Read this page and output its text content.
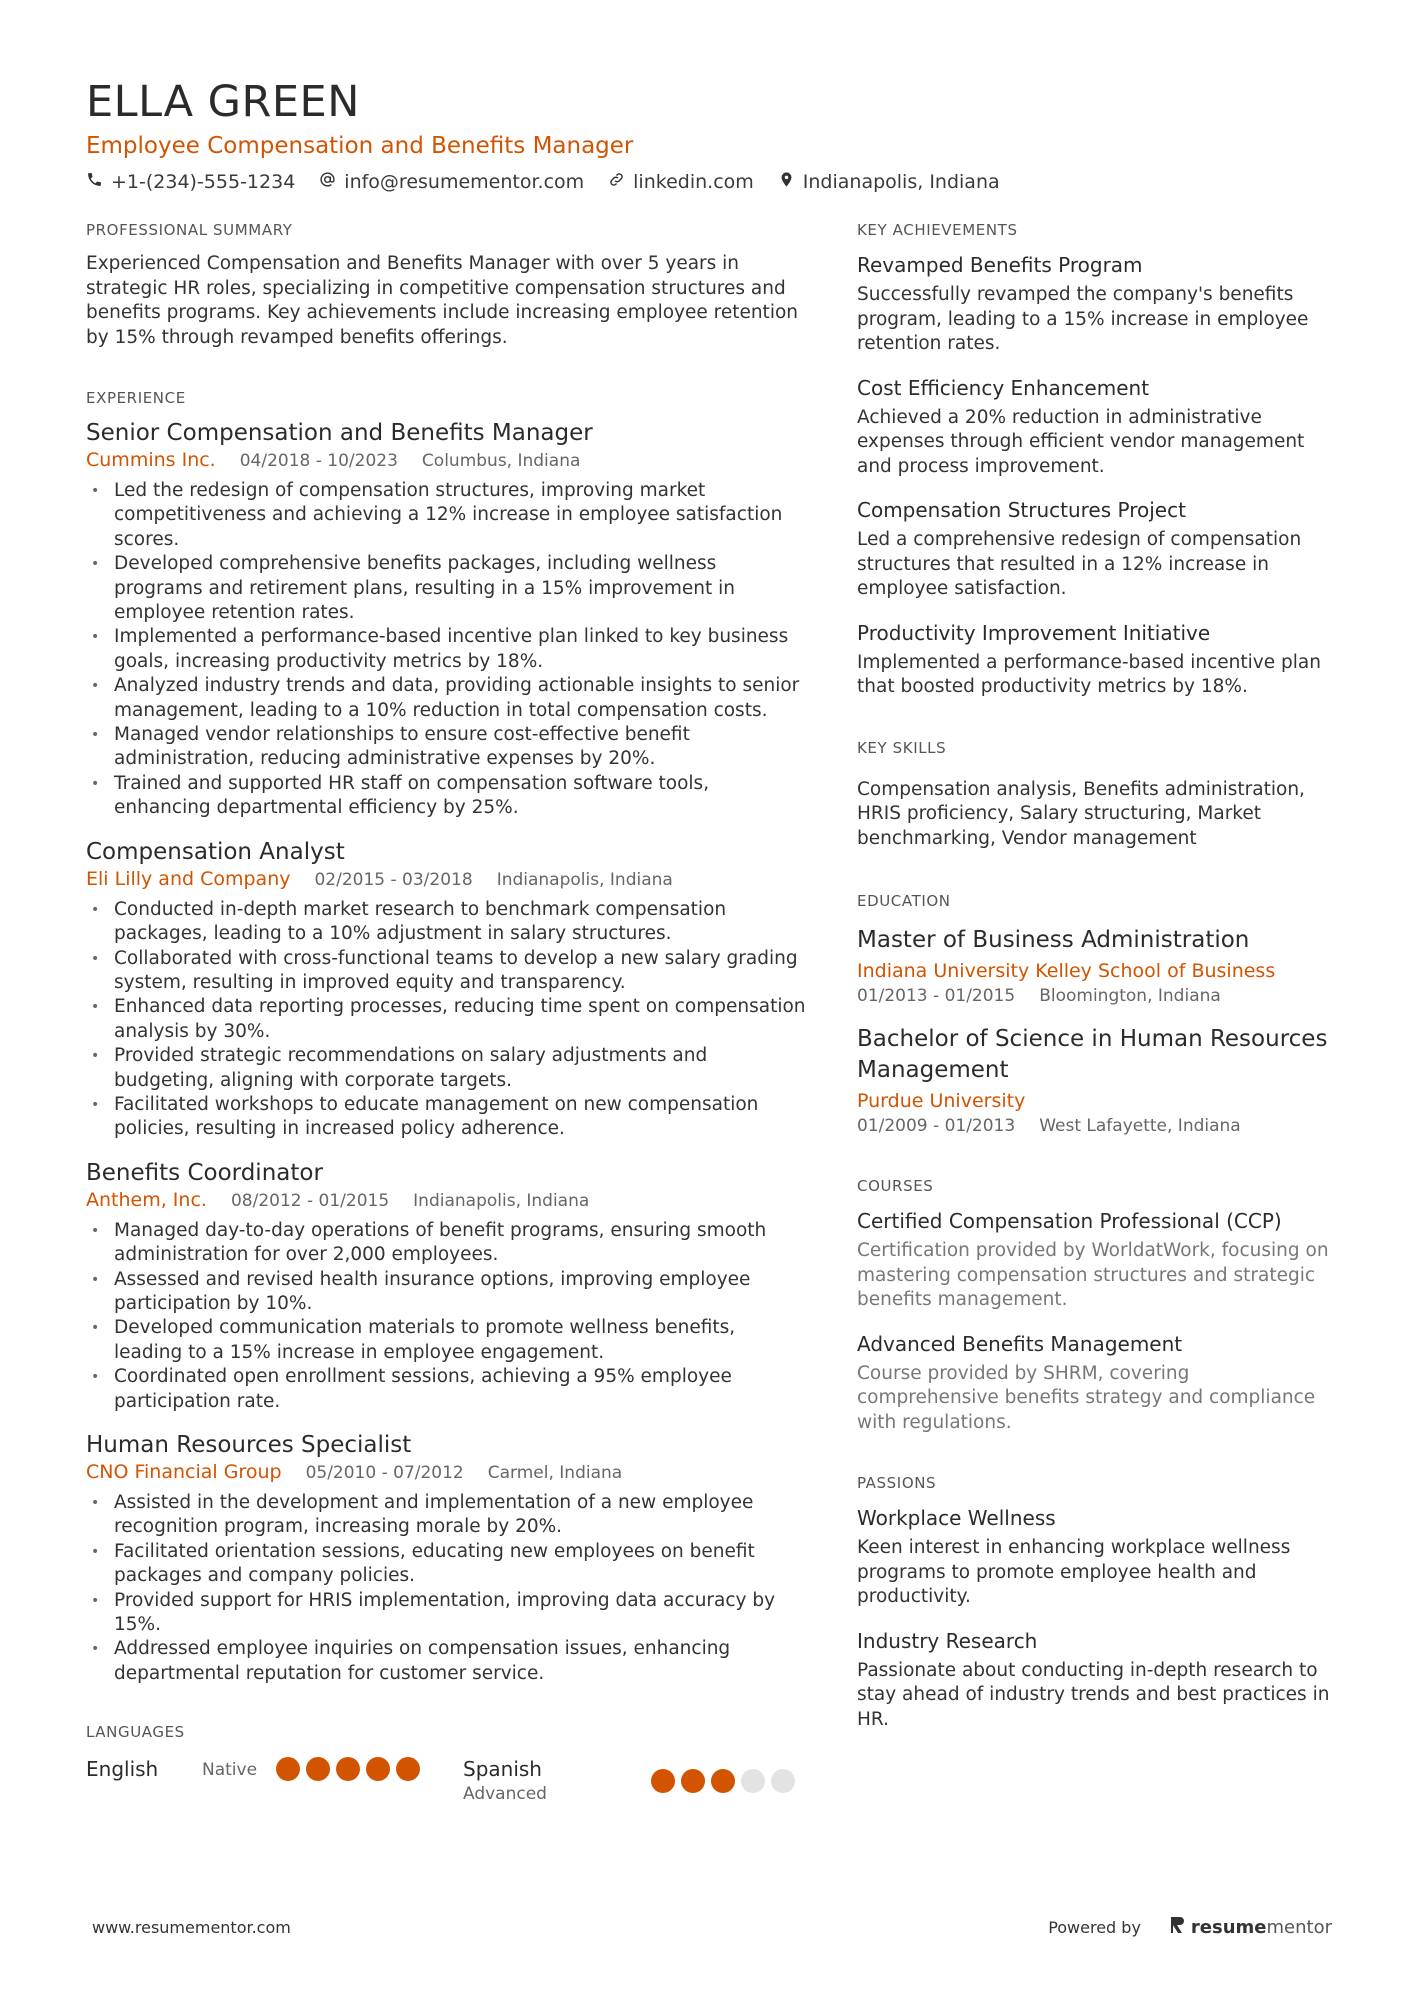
ELLA GREEN
Employee Compensation and Benefits Manager
+1-(234)-555-1234	info@resumementor.com	linkedin.com	Indianapolis, Indiana
PROFESSIONAL SUMMARY

Experienced Compensation and Benefits Manager with over 5 years in strategic HR roles, specializing in competitive compensation structures and benefits programs. Key achievements include increasing employee retention by 15% through revamped benefits offerings.

EXPERIENCE
Senior Compensation and Benefits Manager
Cummins Inc. 04/2018 - 10/2023 Columbus, Indiana
• Led the redesign of compensation structures, improving market competitiveness and achieving a 12% increase in employee satisfaction scores.
• Developed comprehensive benefits packages, including wellness programs and retirement plans, resulting in a 15% improvement in employee retention rates.
• Implemented a performance-based incentive plan linked to key business goals, increasing productivity metrics by 18%.
• Analyzed industry trends and data, providing actionable insights to senior management, leading to a 10% reduction in total compensation costs.
• Managed vendor relationships to ensure cost-effective benefit administration, reducing administrative expenses by 20%.
• Trained and supported HR staff on compensation software tools, enhancing departmental efficiency by 25%.
Compensation Analyst
Eli Lilly and Company 02/2015 - 03/2018 Indianapolis, Indiana
• Conducted in-depth market research to benchmark compensation packages, leading to a 10% adjustment in salary structures.
• Collaborated with cross-functional teams to develop a new salary grading system, resulting in improved equity and transparency.
• Enhanced data reporting processes, reducing time spent on compensation analysis by 30%.
• Provided strategic recommendations on salary adjustments and budgeting, aligning with corporate targets.
• Facilitated workshops to educate management on new compensation policies, resulting in increased policy adherence.
Benefits Coordinator
Anthem, Inc. 08/2012 - 01/2015 Indianapolis, Indiana
• Managed day-to-day operations of benefit programs, ensuring smooth administration for over 2,000 employees.
• Assessed and revised health insurance options, improving employee participation by 10%.
• Developed communication materials to promote wellness benefits, leading to a 15% increase in employee engagement.
• Coordinated open enrollment sessions, achieving a 95% employee participation rate.
Human Resources Specialist
CNO Financial Group 05/2010 - 07/2012 Carmel, Indiana
• Assisted in the development and implementation of a new employee recognition program, increasing morale by 20%.
• Facilitated orientation sessions, educating new employees on benefit packages and company policies.
• Provided support for HRIS implementation, improving data accuracy by 15%.
• Addressed employee inquiries on compensation issues, enhancing departmental reputation for customer service.
LANGUAGES
English	Native	Spanish
Advanced
KEY ACHIEVEMENTS
Revamped Benefits Program
Successfully revamped the company's benefits program, leading to a 15% increase in employee retention rates.
Cost Efficiency Enhancement
Achieved a 20% reduction in administrative expenses through efficient vendor management and process improvement.
Compensation Structures Project
Led a comprehensive redesign of compensation structures that resulted in a 12% increase in employee satisfaction.
Productivity Improvement Initiative
Implemented a performance-based incentive plan that boosted productivity metrics by 18%.
KEY SKILLS
Compensation analysis, Benefits administration, HRIS proficiency, Salary structuring, Market benchmarking, Vendor management
EDUCATION
Master of Business Administration
Indiana University Kelley School of Business
01/2013 - 01/2015 Bloomington, Indiana
Bachelor of Science in Human Resources Management
Purdue University
01/2009 - 01/2013 West Lafayette, Indiana
COURSES
Certified Compensation Professional (CCP)
Certification provided by WorldatWork, focusing on mastering compensation structures and strategic benefits management.
Advanced Benefits Management
Course provided by SHRM, covering comprehensive benefits strategy and compliance with regulations.
PASSIONS
Workplace Wellness
Keen interest in enhancing workplace wellness programs to promote employee health and productivity.
Industry Research
Passionate about conducting in-depth research to stay ahead of industry trends and best practices in HR.
www.resumementor.com	Powered by	resumementor
